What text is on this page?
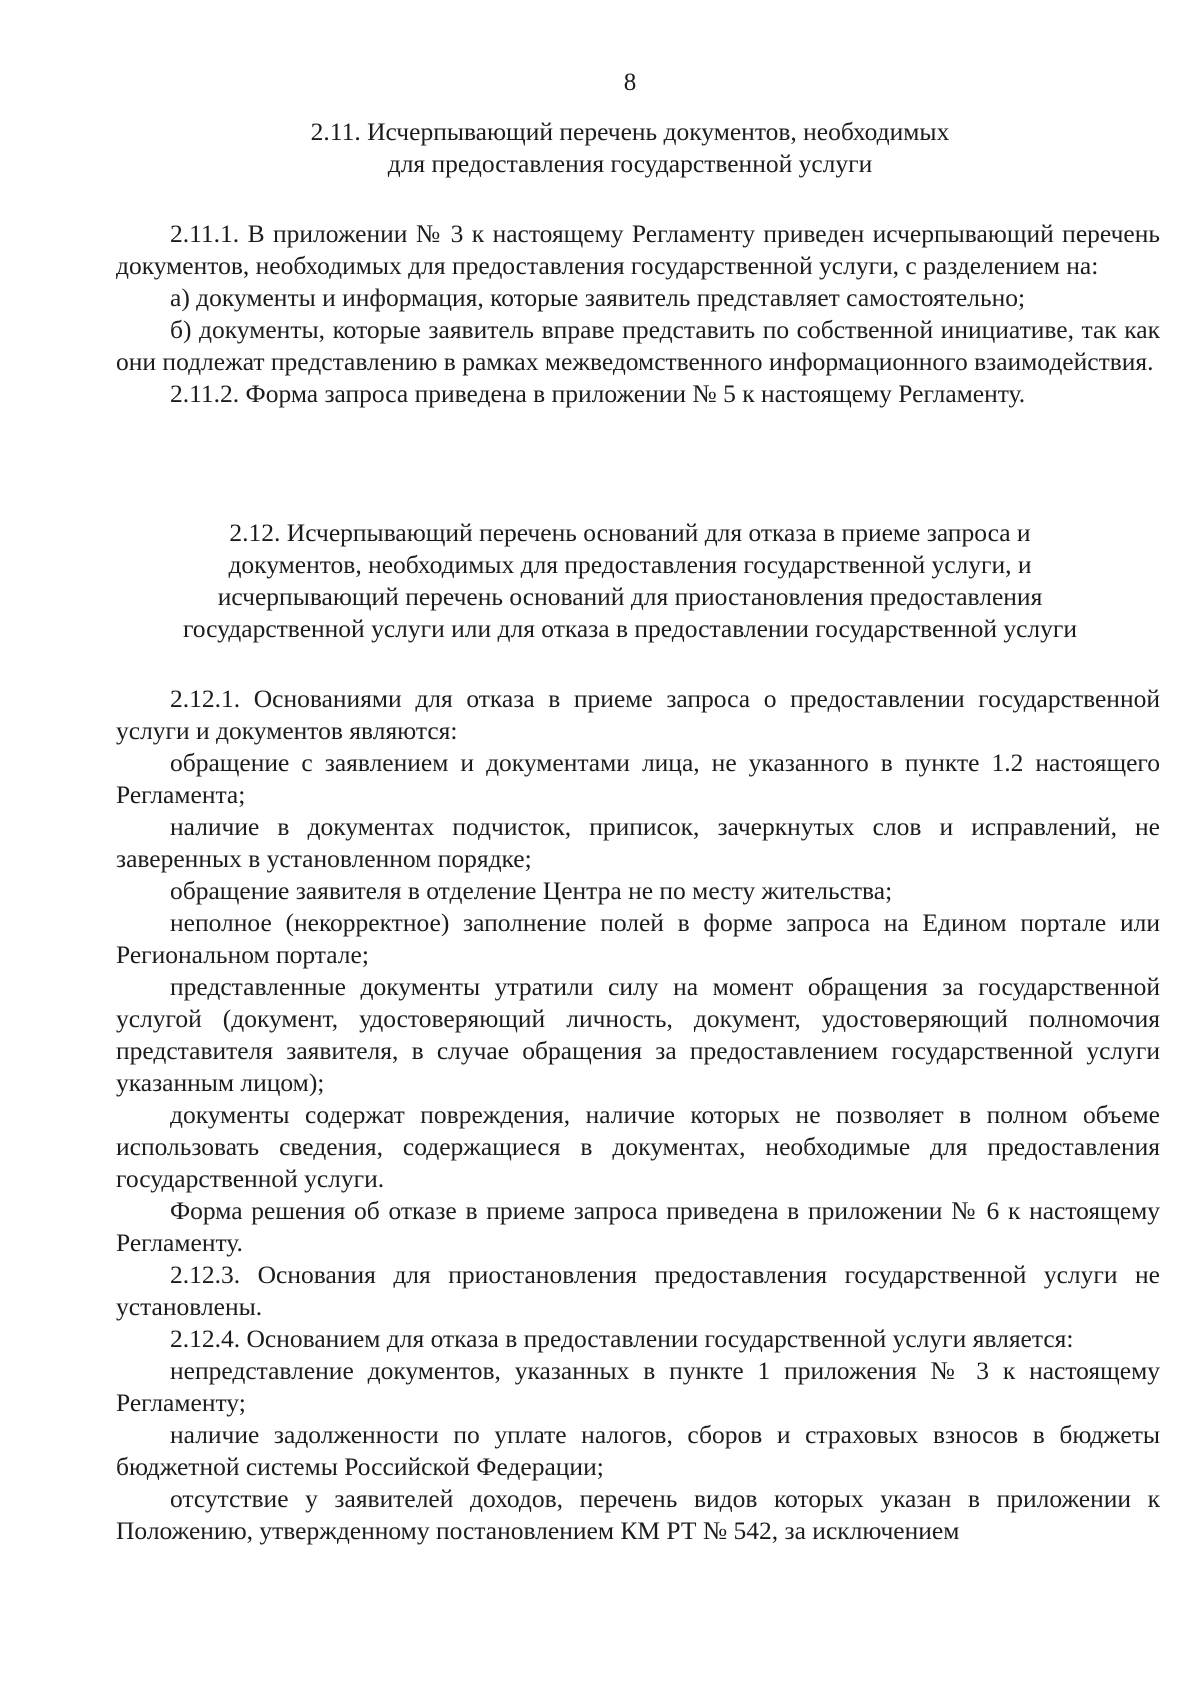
8
2.11. Исчерпывающий перечень документов, необходимых
для предоставления государственной услуги

2.11.1. В приложении № 3 к настоящему Регламенту приведен исчерпывающий перечень документов, необходимых для предоставления государственной услуги, с разделением на:

а) документы и информация, которые заявитель представляет самостоятельно;

б) документы, которые заявитель вправе представить по собственной инициативе, так как они подлежат представлению в рамках межведомственного информационного взаимодействия.

2.11.2. Форма запроса приведена в приложении № 5 к настоящему Регламенту.

2.12. Исчерпывающий перечень оснований для отказа в приеме запроса и
документов, необходимых для предоставления государственной услуги, и
исчерпывающий перечень оснований для приостановления предоставления
государственной услуги или для отказа в предоставлении государственной услуги

2.12.1. Основаниями для отказа в приеме запроса о предоставлении государственной услуги и документов являются:

обращение с заявлением и документами лица, не указанного в пункте 1.2 настоящего Регламента;

наличие в документах подчисток, приписок, зачеркнутых слов и исправлений, не заверенных в установленном порядке;

обращение заявителя в отделение Центра не по месту жительства;

неполное (некорректное) заполнение полей в форме запроса на Едином портале или Региональном портале;

представленные документы утратили силу на момент обращения за государственной услугой (документ, удостоверяющий личность, документ, удостоверяющий полномочия представителя заявителя, в случае обращения за предоставлением государственной услуги указанным лицом);

документы содержат повреждения, наличие которых не позволяет в полном объеме использовать сведения, содержащиеся в документах, необходимые для предоставления государственной услуги.

Форма решения об отказе в приеме запроса приведена в приложении № 6 к настоящему Регламенту.

2.12.3. Основания для приостановления предоставления государственной услуги не установлены.

2.12.4. Основанием для отказа в предоставлении государственной услуги является:

непредставление документов, указанных в пункте 1 приложения № 3 к настоящему Регламенту;

наличие задолженности по уплате налогов, сборов и страховых взносов в бюджеты бюджетной системы Российской Федерации;

отсутствие у заявителей доходов, перечень видов которых указан в приложении к Положению, утвержденному постановлением КМ РТ № 542, за исключением
